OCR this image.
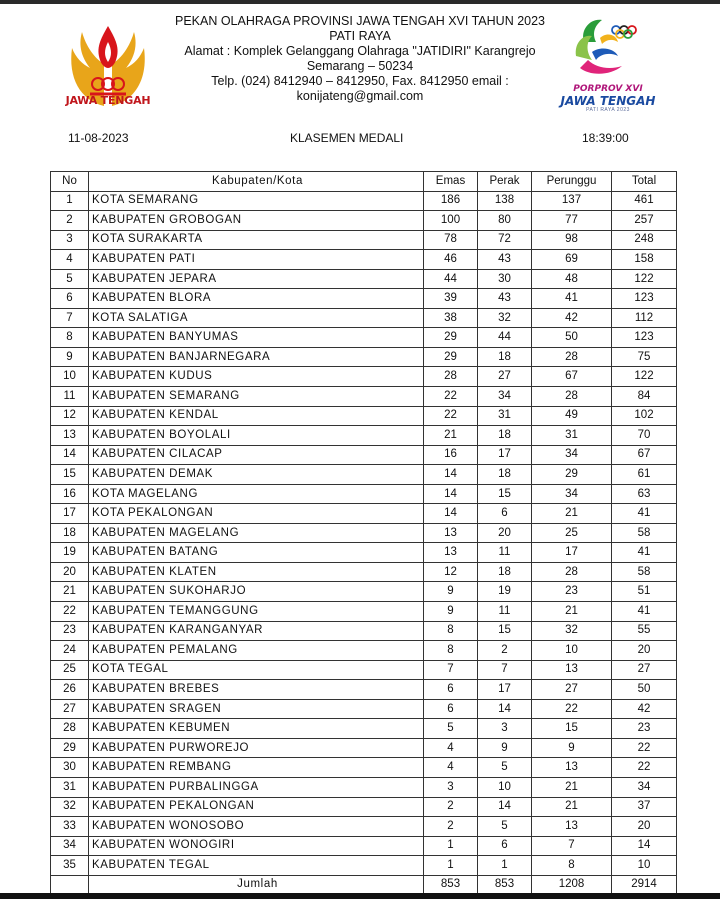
JAWA TENGAH
PEKAN OLAHRAGA PROVINSI JAWA TENGAH XVI TAHUN 2023
PATI RAYA
Alamat : Komplek Gelanggang Olahraga "JATIDIRI" Karangrejo
Semarang – 50234
Telp. (024) 8412940 – 8412950, Fax. 8412950 email :
konijateng@gmail.com	PORPROV XVI
JAWA TENGAH
PATI RAYA 2023
11-08-2023	KLASEMEN MEDALI	18:39:00
No	Kabupaten/Kota	Emas	Perak	Perunggu	Total
1	KOTA SEMARANG	186	138	137	461
2	KABUPATEN GROBOGAN	100	80	77	257
3	KOTA SURAKARTA	78	72	98	248
4	KABUPATEN PATI	46	43	69	158
5	KABUPATEN JEPARA	44	30	48	122
6	KABUPATEN BLORA	39	43	41	123
7	KOTA SALATIGA	38	32	42	112
8	KABUPATEN BANYUMAS	29	44	50	123
9	KABUPATEN BANJARNEGARA	29	18	28	75
10	KABUPATEN KUDUS	28	27	67	122
11	KABUPATEN SEMARANG	22	34	28	84
12	KABUPATEN KENDAL	22	31	49	102
13	KABUPATEN BOYOLALI	21	18	31	70
14	KABUPATEN CILACAP	16	17	34	67
15	KABUPATEN DEMAK	14	18	29	61
16	KOTA MAGELANG	14	15	34	63
17	KOTA PEKALONGAN	14	6	21	41
18	KABUPATEN MAGELANG	13	20	25	58
19	KABUPATEN BATANG	13	11	17	41
20	KABUPATEN KLATEN	12	18	28	58
21	KABUPATEN SUKOHARJO	9	19	23	51
22	KABUPATEN TEMANGGUNG	9	11	21	41
23	KABUPATEN KARANGANYAR	8	15	32	55
24	KABUPATEN PEMALANG	8	2	10	20
25	KOTA TEGAL	7	7	13	27
26	KABUPATEN BREBES	6	17	27	50
27	KABUPATEN SRAGEN	6	14	22	42
28	KABUPATEN KEBUMEN	5	3	15	23
29	KABUPATEN PURWOREJO	4	9	9	22
30	KABUPATEN REMBANG	4	5	13	22
31	KABUPATEN PURBALINGGA	3	10	21	34
32	KABUPATEN PEKALONGAN	2	14	21	37
33	KABUPATEN WONOSOBO	2	5	13	20
34	KABUPATEN WONOGIRI	1	6	7	14
35	KABUPATEN TEGAL	1	1	8	10
	Jumlah	853	853	1208	2914
